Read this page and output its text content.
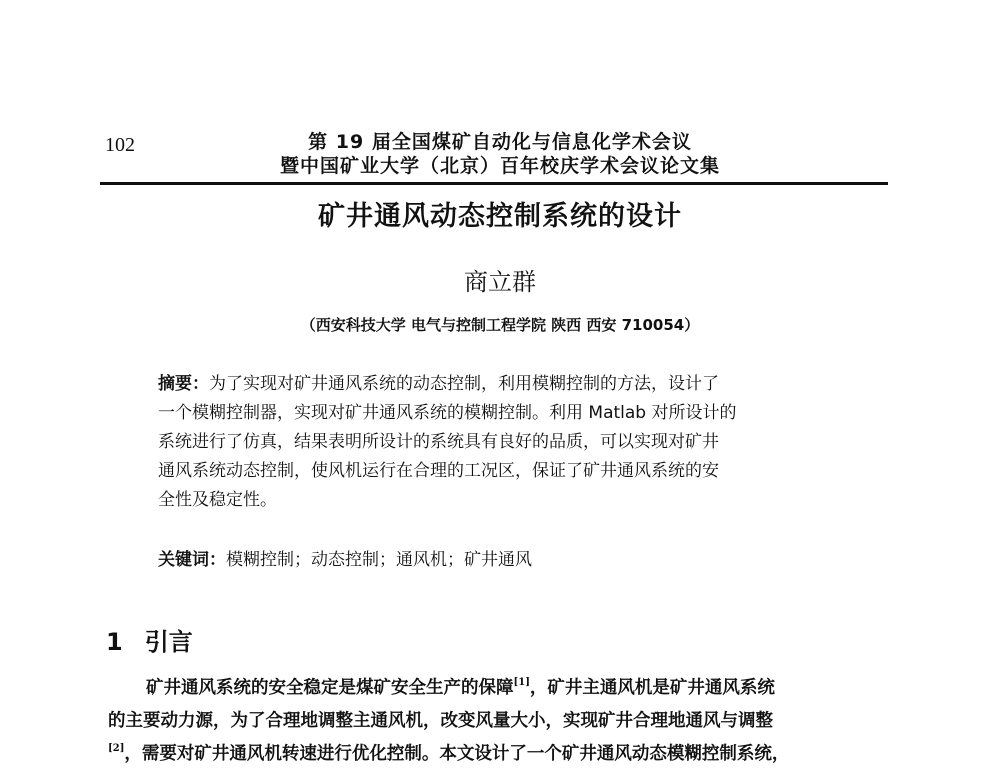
102	第 19 届全国煤矿自动化与信息化学术会议
暨中国矿业大学（北京）百年校庆学术会议论文集
矿井通风动态控制系统的设计
商立群
（西安科技大学 电气与控制工程学院 陕西 西安 710054）
摘要：为了实现对矿井通风系统的动态控制，利用模糊控制的方法，设计了
一个模糊控制器，实现对矿井通风系统的模糊控制。利用 Matlab 对所设计的
系统进行了仿真，结果表明所设计的系统具有良好的品质，可以实现对矿井
通风系统动态控制，使风机运行在合理的工况区，保证了矿井通风系统的安
全性及稳定性。
关键词：模糊控制；动态控制；通风机；矿井通风
1 引言
矿井通风系统的安全稳定是煤矿安全生产的保障[1]，矿井主通风机是矿井通风系统
的主要动力源，为了合理地调整主通风机，改变风量大小，实现矿井合理地通风与调整
[2]，需要对矿井通风机转速进行优化控制。本文设计了一个矿井通风动态模糊控制系统，
